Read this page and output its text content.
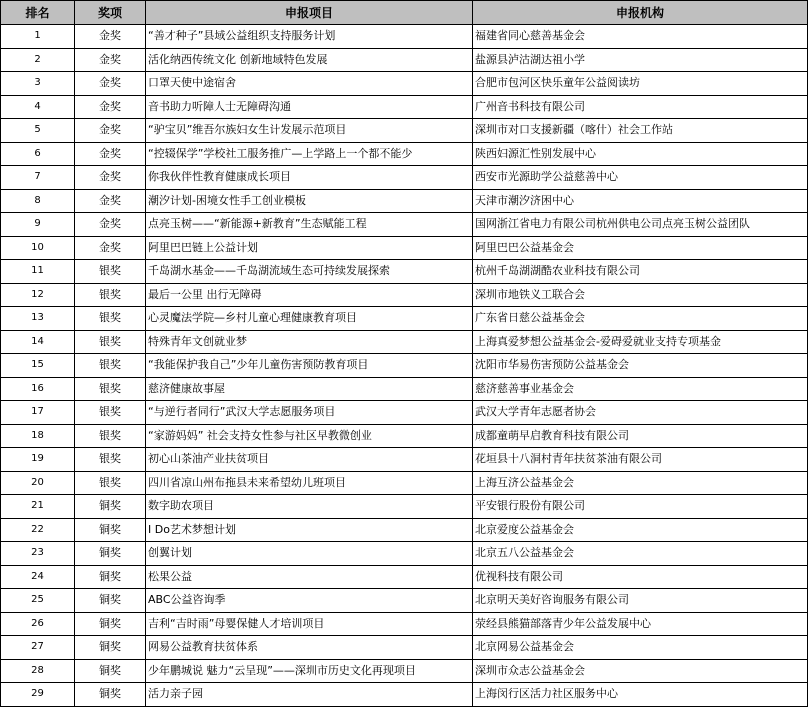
排名	奖项	申报项目	申报机构
1	金奖	“善才种子”县域公益组织支持服务计划	福建省同心慈善基金会
2	金奖	活化纳西传统文化 创新地域特色发展	盐源县泸沽湖达祖小学
3	金奖	口罩天使中途宿舍	合肥市包河区快乐童年公益阅读坊
4	金奖	音书助力听障人士无障碍沟通	广州音书科技有限公司
5	金奖	“驴宝贝”维吾尔族妇女生计发展示范项目	深圳市对口支援新疆（喀什）社会工作站
6	金奖	“控辍保学”学校社工服务推广—上学路上一个都不能少	陕西妇源汇性别发展中心
7	金奖	你我伙伴性教育健康成长项目	西安市光源助学公益慈善中心
8	金奖	潮汐计划-困境女性手工创业模板	天津市潮汐济困中心
9	金奖	点亮玉树——“新能源+新教育”生态赋能工程	国网浙江省电力有限公司杭州供电公司点亮玉树公益团队
10	金奖	阿里巴巴链上公益计划	阿里巴巴公益基金会
11	银奖	千岛湖水基金——千岛湖流域生态可持续发展探索	杭州千岛湖湖酷农业科技有限公司
12	银奖	最后一公里 出行无障碍	深圳市地铁义工联合会
13	银奖	心灵魔法学院—乡村儿童心理健康教育项目	广东省日慈公益基金会
14	银奖	特殊青年文创就业梦	上海真爱梦想公益基金会-爱碍爱就业支持专项基金
15	银奖	“我能保护我自己”少年儿童伤害预防教育项目	沈阳市华易伤害预防公益基金会
16	银奖	慈济健康故事屋	慈济慈善事业基金会
17	银奖	“与逆行者同行”武汉大学志愿服务项目	武汉大学青年志愿者协会
18	银奖	“家游妈妈” 社会支持女性参与社区早教微创业	成都童萌早启教育科技有限公司
19	银奖	初心山茶油产业扶贫项目	花垣县十八洞村青年扶贫茶油有限公司
20	银奖	四川省凉山州布拖县未来希望幼儿班项目	上海互济公益基金会
21	铜奖	数字助农项目	平安银行股份有限公司
22	铜奖	I Do艺术梦想计划	北京爱度公益基金会
23	铜奖	创翼计划	北京五八公益基金会
24	铜奖	松果公益	优视科技有限公司
25	铜奖	ABC公益咨询季	北京明天美好咨询服务有限公司
26	铜奖	吉利“吉时雨”母婴保健人才培训项目	荥经县熊猫部落青少年公益发展中心
27	铜奖	网易公益教育扶贫体系	北京网易公益基金会
28	铜奖	少年鹏城说 魅力“云呈现”——深圳市历史文化再现项目	深圳市众志公益基金会
29	铜奖	活力亲子园	上海闵行区活力社区服务中心
